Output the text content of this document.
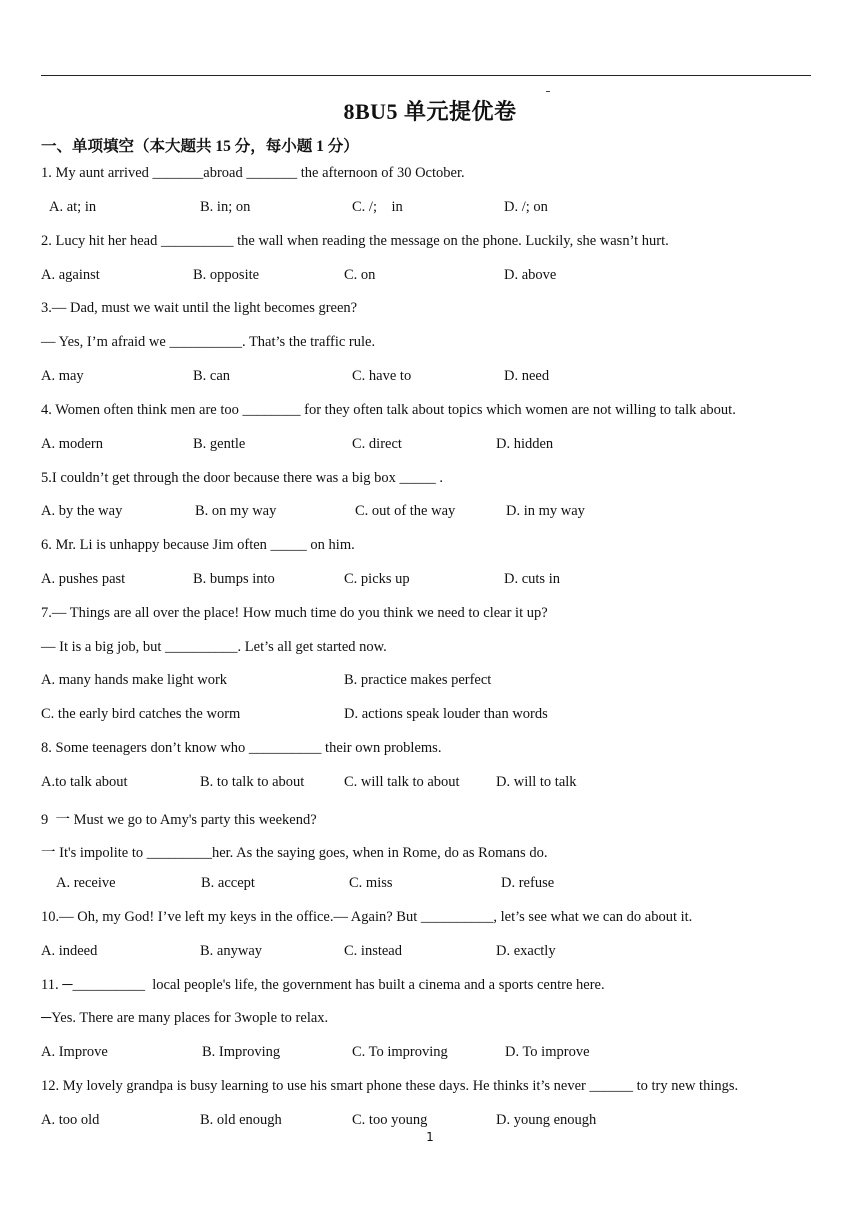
8BU5 单元提优卷
一、单项填空（本大题共 15 分，每小题 1 分）
1. My aunt arrived _______abroad _______ the afternoon of 30 October.
A. at; in	B. in; on	C. /;    in	D. /; on
2. Lucy hit her head __________ the wall when reading the message on the phone. Luckily, she wasn’t hurt.
A. against	B. opposite	C. on	D. above
3.— Dad, must we wait until the light becomes green?
— Yes, I’m afraid we __________. That’s the traffic rule.
A. may	B. can	C. have to	D. need
4. Women often think men are too ________ for they often talk about topics which women are not willing to talk about.
A. modern	B. gentle	C. direct	D. hidden
5.I couldn’t get through the door because there was a big box _____ .
A. by the way	B. on my way	C. out of the way	D. in my way
6. Mr. Li is unhappy because Jim often _____ on him.
A. pushes past	B. bumps into	C. picks up	D. cuts in
7.— Things are all over the place! How much time do you think we need to clear it up?
— It is a big job, but __________. Let’s all get started now.
A. many hands make light work	B. practice makes perfect
C. the early bird catches the worm	D. actions speak louder than words
8. Some teenagers don’t know who __________ their own problems.
A.to talk about	B. to talk to about	C. will talk to about	D. will to talk
9  一 Must we go to Amy's party this weekend?
一 It's impolite to _________her. As the saying goes, when in Rome, do as Romans do.
A. receive	B. accept	C. miss	D. refuse
10.— Oh, my God! I’ve left my keys in the office.— Again? But __________, let’s see what we can do about it.
A. indeed	B. anyway	C. instead	D. exactly
11. ─__________  local people's life, the government has built a cinema and a sports centre here.
─Yes. There are many places for 3wople to relax.
A. Improve	B. Improving	C. To improving	D. To improve
12. My lovely grandpa is busy learning to use his smart phone these days. He thinks it’s never ______ to try new things.
A. too old	B. old enough	C. too young	D. young enough
1
